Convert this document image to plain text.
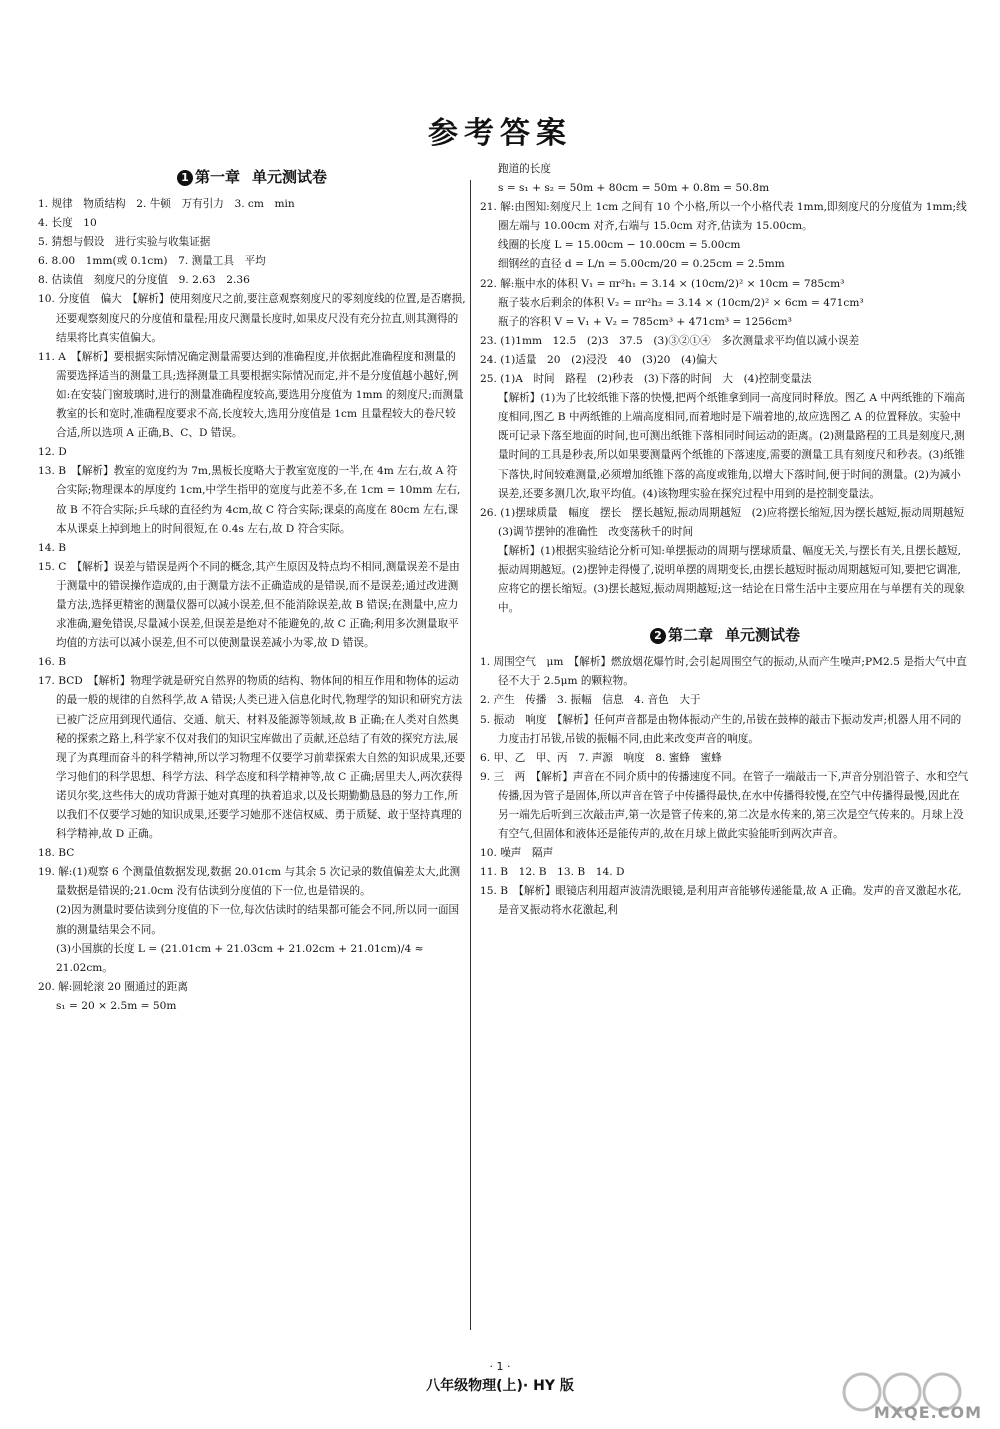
参考答案
1 第一章 单元测试卷

1. 规律　物质结构　2. 牛顿　万有引力　3. cm　min

4. 长度　10

5. 猜想与假设　进行实验与收集证据

6. 8.00　1mm(或 0.1cm)　7. 测量工具　平均

8. 估读值　刻度尺的分度值　9. 2.63　2.36

10. 分度值　偏大　【解析】使用刻度尺之前,要注意观察刻度尺的零刻度线的位置,是否磨损,还要观察刻度尺的分度值和量程;用皮尺测量长度时,如果皮尺没有充分拉直,则其测得的结果将比真实值偏大。

11. A　【解析】要根据实际情况确定测量需要达到的准确程度,并依据此准确程度和测量的需要选择适当的测量工具;选择测量工具要根据实际情况而定,并不是分度值越小越好,例如:在安装门窗玻璃时,进行的测量准确程度较高,要选用分度值为 1mm 的刻度尺;而测量教室的长和宽时,准确程度要求不高,长度较大,选用分度值是 1cm 且量程较大的卷尺较合适,所以选项 A 正确,B、C、D 错误。

12. D

13. B　【解析】教室的宽度约为 7m,黑板长度略大于教室宽度的一半,在 4m 左右,故 A 符合实际;物理课本的厚度约 1cm,中学生指甲的宽度与此差不多,在 1cm = 10mm 左右,故 B 不符合实际;乒乓球的直径约为 4cm,故 C 符合实际;课桌的高度在 80cm 左右,课本从课桌上掉到地上的时间很短,在 0.4s 左右,故 D 符合实际。

14. B

15. C　【解析】误差与错误是两个不同的概念,其产生原因及特点均不相同,测量误差不是由于测量中的错误操作造成的,由于测量方法不正确造成的是错误,而不是误差;通过改进测量方法,选择更精密的测量仪器可以减小误差,但不能消除误差,故 B 错误;在测量中,应力求准确,避免错误,尽量减小误差,但误差是绝对不能避免的,故 C 正确;利用多次测量取平均值的方法可以减小误差,但不可以使测量误差减小为零,故 D 错误。

16. B

17. BCD　【解析】物理学就是研究自然界的物质的结构、物体间的相互作用和物体的运动的最一般的规律的自然科学,故 A 错误;人类已进入信息化时代,物理学的知识和研究方法已被广泛应用到现代通信、交通、航天、材料及能源等领域,故 B 正确;在人类对自然奥秘的探索之路上,科学家不仅对我们的知识宝库做出了贡献,还总结了有效的探究方法,展现了为真理而奋斗的科学精神,所以学习物理不仅要学习前辈探索大自然的知识成果,还要学习他们的科学思想、科学方法、科学态度和科学精神等,故 C 正确;居里夫人,两次获得诺贝尔奖,这些伟大的成功背源于她对真理的执着追求,以及长期勤勤恳恳的努力工作,所以我们不仅要学习她的知识成果,还要学习她那不迷信权威、勇于质疑、敢于坚持真理的科学精神,故 D 正确。

18. BC

19. 解:(1)观察 6 个测量值数据发现,数据 20.01cm 与其余 5 次记录的数值偏差太大,此测量数据是错误的;21.0cm 没有估读到分度值的下一位,也是错误的。

(2)因为测量时要估读到分度值的下一位,每次估读时的结果都可能会不同,所以同一面国旗的测量结果会不同。

(3)小国旗的长度 L = (21.01cm + 21.03cm + 21.02cm + 21.01cm)/4 ≈ 21.02cm。

20. 解:圆轮滚 20 圈通过的距离

s₁ = 20 × 2.5m = 50m

跑道的长度

s = s₁ + s₂ = 50m + 80cm = 50m + 0.8m = 50.8m

21. 解:由图知:刻度尺上 1cm 之间有 10 个小格,所以一个小格代表 1mm,即刻度尺的分度值为 1mm;线圈左端与 10.00cm 对齐,右端与 15.0cm 对齐,估读为 15.00cm。

线圈的长度 L = 15.00cm − 10.00cm = 5.00cm

细钢丝的直径 d = L/n = 5.00cm/20 = 0.25cm = 2.5mm

22. 解:瓶中水的体积 V₁ = πr²h₁ = 3.14 × (10cm/2)² × 10cm = 785cm³

瓶子装水后剩余的体积 V₂ = πr²h₂ = 3.14 × (10cm/2)² × 6cm = 471cm³

瓶子的容积 V = V₁ + V₂ = 785cm³ + 471cm³ = 1256cm³

23. (1)1mm　12.5　(2)3　37.5　(3)③②①④　多次测量求平均值以减小误差

24. (1)适量　20　(2)浸没　40　(3)20　(4)偏大

25. (1)A　时间　路程　(2)秒表　(3)下落的时间　大　(4)控制变量法

【解析】(1)为了比较纸锥下落的快慢,把两个纸锥拿到同一高度同时释放。图乙 A 中两纸锥的下端高度相同,图乙 B 中两纸锥的上端高度相同,而着地时是下端着地的,故应选图乙 A 的位置释放。实验中既可记录下落至地面的时间,也可测出纸锥下落相同时间运动的距离。(2)测量路程的工具是刻度尺,测量时间的工具是秒表,所以如果要测量两个纸锥的下落速度,需要的测量工具有刻度尺和秒表。(3)纸锥下落快,时间较难测量,必须增加纸锥下落的高度或锥角,以增大下落时间,便于时间的测量。(2)为减小误差,还要多测几次,取平均值。(4)该物理实验在探究过程中用到的是控制变量法。

26. (1)摆球质量　幅度　摆长　摆长越短,振动周期越短　(2)应将摆长缩短,因为摆长越短,振动周期越短　(3)调节摆钟的准确性　改变荡秋千的时间

【解析】(1)根据实验结论分析可知:单摆振动的周期与摆球质量、幅度无关,与摆长有关,且摆长越短,振动周期越短。(2)摆钟走得慢了,说明单摆的周期变长,由摆长越短时振动周期越短可知,要把它调准,应将它的摆长缩短。(3)摆长越短,振动周期越短;这一结论在日常生活中主要应用在与单摆有关的现象中。

2 第二章 单元测试卷

1. 周围空气　μm　【解析】燃放烟花爆竹时,会引起周围空气的振动,从而产生噪声;PM2.5 是指大气中直径不大于 2.5μm 的颗粒物。

2. 产生　传播　3. 振幅　信息　4. 音色　大于

5. 振动　响度　【解析】任何声音都是由物体振动产生的,吊钹在鼓棒的敲击下振动发声;机器人用不同的力度击打吊钹,吊钹的振幅不同,由此来改变声音的响度。

6. 甲、乙　甲、丙　7. 声源　响度　8. 蜜蜂　蜜蜂

9. 三　两　【解析】声音在不同介质中的传播速度不同。在管子一端敲击一下,声音分别沿管子、水和空气传播,因为管子是固体,所以声音在管子中传播得最快,在水中传播得较慢,在空气中传播得最慢,因此在另一端先后听到三次敲击声,第一次是管子传来的,第二次是水传来的,第三次是空气传来的。月球上没有空气,但固体和液体还是能传声的,故在月球上做此实验能听到两次声音。

10. 噪声　隔声

11. B　12. B　13. B　14. D

15. B　【解析】眼镜店利用超声波清洗眼镜,是利用声音能够传递能量,故 A 正确。发声的音叉激起水花,是音叉振动将水花激起,利

· 1 ·
八年级物理(上)· HY 版
MXQE.COM
